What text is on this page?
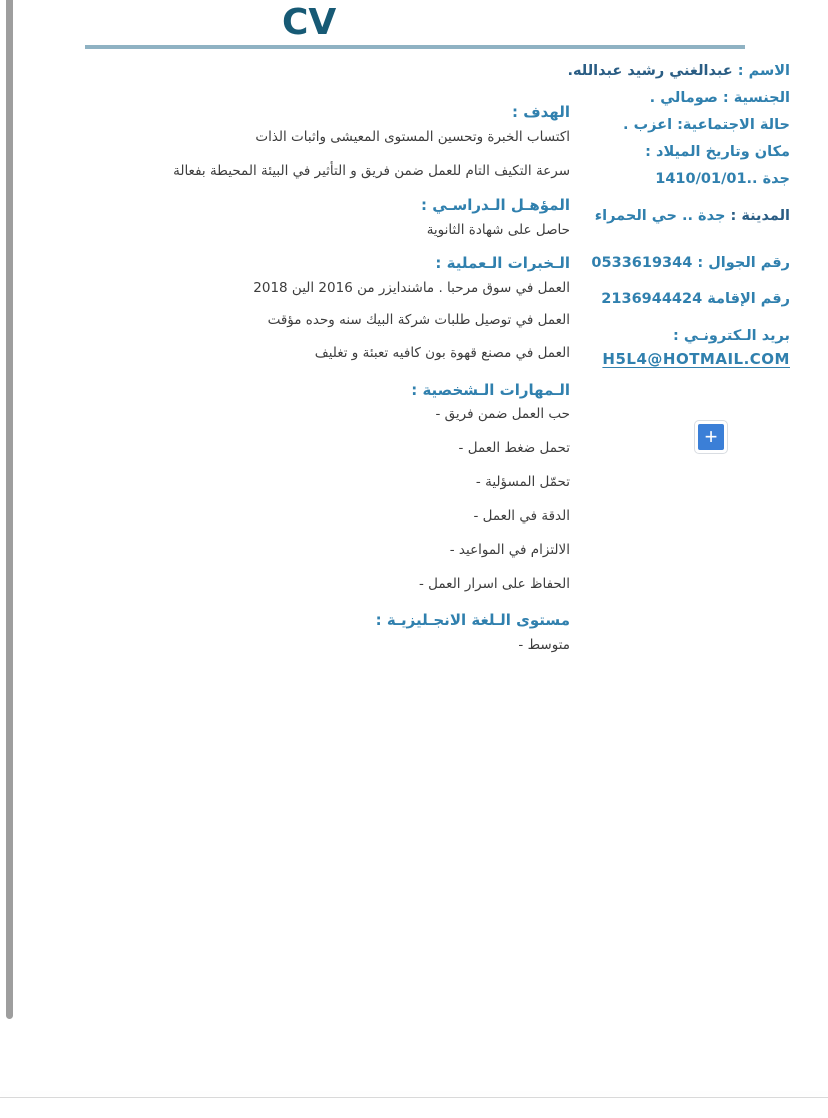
CV
الاسم : عبدالغني رشيد عبدالله.
الجنسية : صومالي .
حالة الاجتماعية: اعزب .
مكان وتاريخ الميلاد :
جدة ..1410/01/01
المدينة : جدة .. حي الحمراء
رقم الجوال : 0533619344
رقم الإقامة 2136944424
بريد الـكترونـي :
H5L4@HOTMAIL.COM
+
الهدف :
اكتساب الخبرة وتحسين المستوى المعيشى واثبات الذات
سرعة التكيف التام للعمل ضمن فريق و التأثير في البيئة المحيطة بفعالة
المؤهـل الـدراسـي :
حاصل على شهادة الثانوية
الـخبرات الـعملية :
العمل في سوق مرحبا . ماشندايزر من 2016 الين 2018
العمل في توصيل طلبات شركة البيك سنه وحده مؤقت
العمل في مصنع قهوة بون كافيه تعبئة و تغليف
الـمهارات الـشخصية :
- حب العمل ضمن فريق
- تحمل ضغط العمل
- تحمّل المسؤلية
- الدقة في العمل
- الالتزام في المواعيد
- الحفاظ على اسرار العمل
مستوى الـلغة الانجـليزيـة :
- متوسط
